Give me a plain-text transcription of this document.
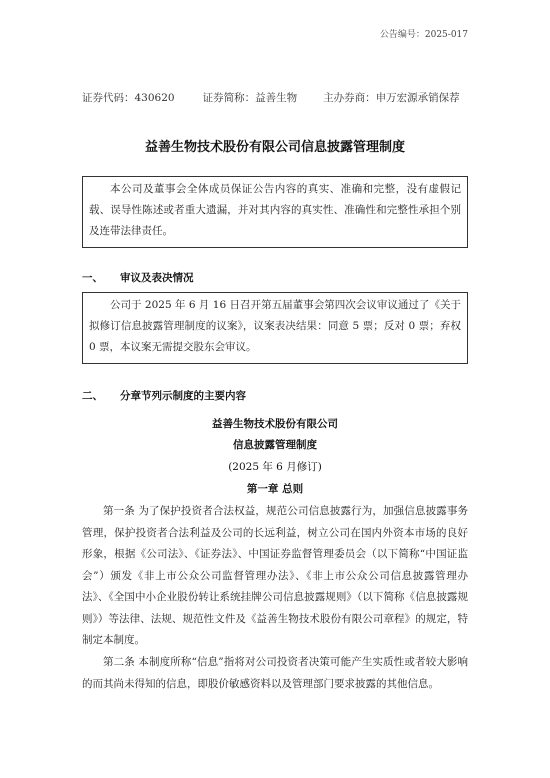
公告编号：2025-017
证券代码：430620	证券简称：益善生物 主办券商：申万宏源承销保荐
益善生物技术股份有限公司信息披露管理制度

本公司及董事会全体成员保证公告内容的真实、准确和完整，没有虚假记载、误导性陈述或者重大遗漏，并对其内容的真实性、准确性和完整性承担个别及连带法律责任。

一、 审议及表决情况

公司于 2025 年 6 月 16 日召开第五届董事会第四次会议审议通过了《关于拟修订信息披露管理制度的议案》，议案表决结果：同意 5 票；反对 0 票；弃权 0 票，本议案无需提交股东会审议。

二、 分章节列示制度的主要内容
益善生物技术股份有限公司
信息披露管理制度
(2025 年 6 月修订)
第一章 总则

第一条 为了保护投资者合法权益，规范公司信息披露行为，加强信息披露事务管理，保护投资者合法利益及公司的长远利益，树立公司在国内外资本市场的良好形象，根据《公司法》、《证券法》、中国证券监督管理委员会（以下简称“中国证监会”）颁发《非上市公众公司监督管理办法》、《非上市公众公司信息披露管理办法》、《全国中小企业股份转让系统挂牌公司信息披露规则》（以下简称《信息披露规则》）等法律、法规、规范性文件及《益善生物技术股份有限公司章程》的规定，特制定本制度。

第二条 本制度所称“信息”指将对公司投资者决策可能产生实质性或者较大影响的而其尚未得知的信息，即股价敏感资料以及管理部门要求披露的其他信息。
